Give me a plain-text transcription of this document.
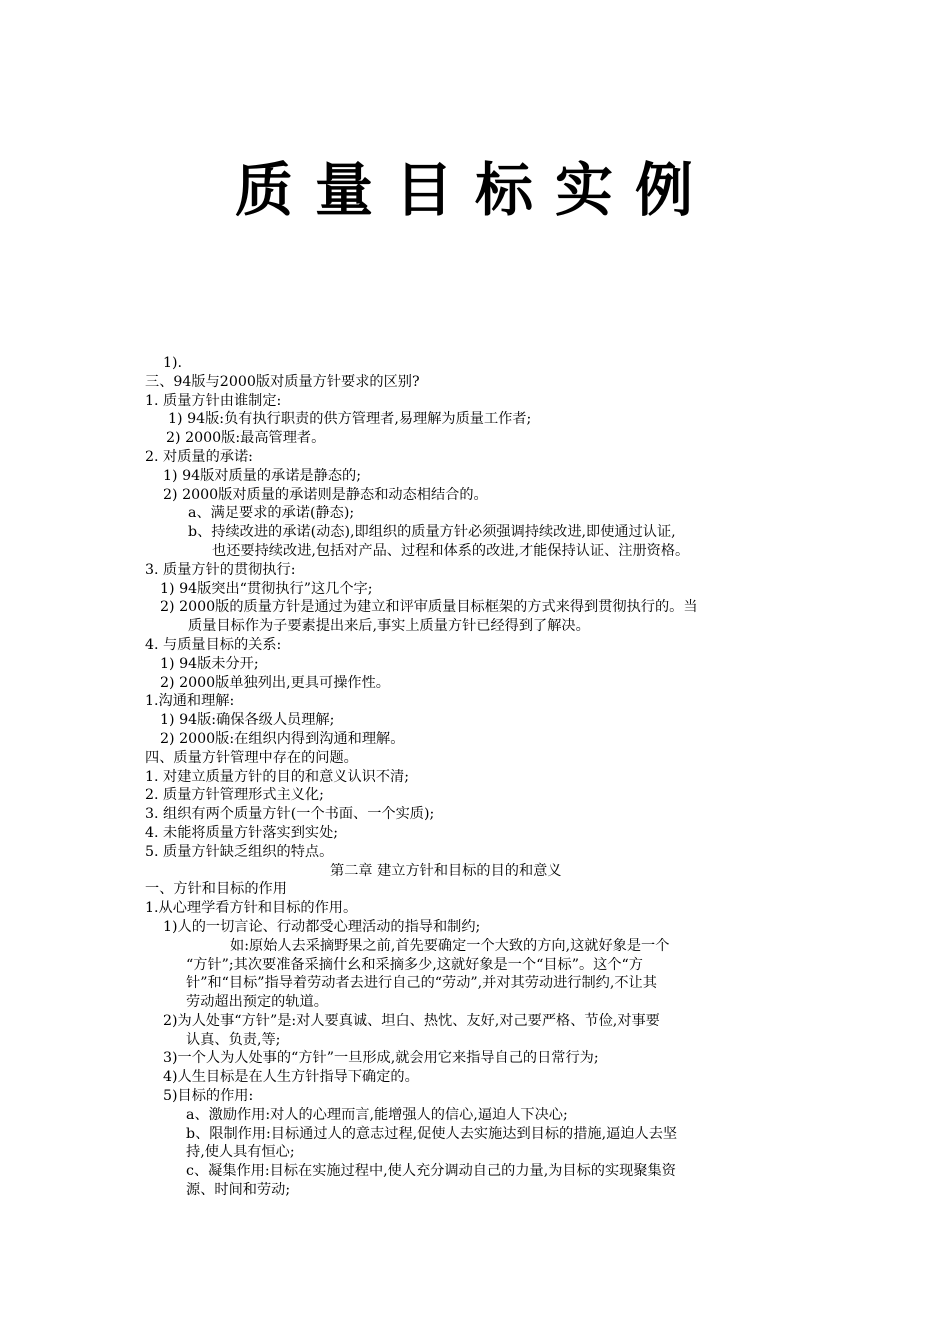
质量目标实例
1).
三、94版与2000版对质量方针要求的区别?
1. 质量方针由谁制定:
1) 94版:负有执行职责的供方管理者,易理解为质量工作者;
2) 2000版:最高管理者。
2. 对质量的承诺:
1) 94版对质量的承诺是静态的;
2) 2000版对质量的承诺则是静态和动态相结合的。
a、满足要求的承诺(静态);
b、持续改进的承诺(动态),即组织的质量方针必须强调持续改进,即使通过认证,
也还要持续改进,包括对产品、过程和体系的改进,才能保持认证、注册资格。
3. 质量方针的贯彻执行:
1) 94版突出“贯彻执行”这几个字;
2) 2000版的质量方针是通过为建立和评审质量目标框架的方式来得到贯彻执行的。当
质量目标作为子要素提出来后,事实上质量方针已经得到了解决。
4. 与质量目标的关系:
1) 94版未分开;
2) 2000版单独列出,更具可操作性。
1.沟通和理解:
1) 94版:确保各级人员理解;
2) 2000版:在组织内得到沟通和理解。
四、质量方针管理中存在的问题。
1. 对建立质量方针的目的和意义认识不清;
2. 质量方针管理形式主义化;
3. 组织有两个质量方针(一个书面、一个实质);
4. 未能将质量方针落实到实处;
5. 质量方针缺乏组织的特点。
第二章 建立方针和目标的目的和意义
一、方针和目标的作用
1.从心理学看方针和目标的作用。
1)人的一切言论、行动都受心理活动的指导和制约;
如:原始人去采摘野果之前,首先要确定一个大致的方向,这就好象是一个
“方针”;其次要准备采摘什幺和采摘多少,这就好象是一个“目标”。这个“方
针”和“目标”指导着劳动者去进行自己的“劳动”,并对其劳动进行制约,不让其
劳动超出预定的轨道。
2)为人处事“方针”是:对人要真诚、坦白、热忱、友好,对己要严格、节俭,对事要
认真、负责,等;
3)一个人为人处事的“方针”一旦形成,就会用它来指导自己的日常行为;
4)人生目标是在人生方针指导下确定的。
5)目标的作用:
a、激励作用:对人的心理而言,能增强人的信心,逼迫人下决心;
b、限制作用:目标通过人的意志过程,促使人去实施达到目标的措施,逼迫人去坚
持,使人具有恒心;
c、凝集作用:目标在实施过程中,使人充分调动自己的力量,为目标的实现聚集资
源、时间和劳动;
